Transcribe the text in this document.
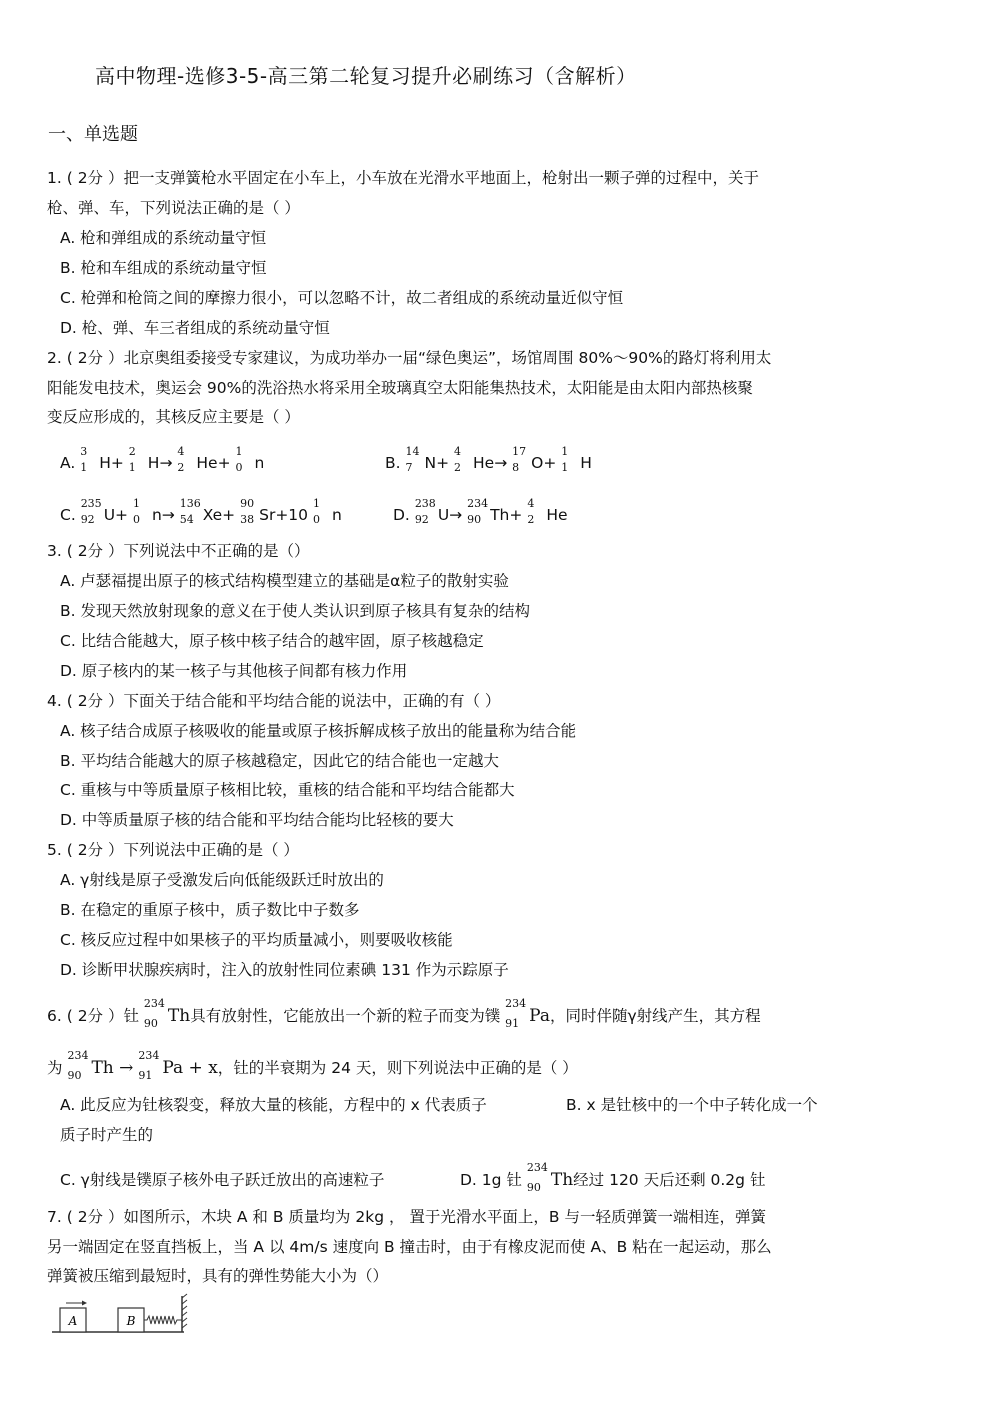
高中物理-选修3-5-高三第二轮复习提升必刷练习（含解析）
一、单选题
1. ( 2分 ）把一支弹簧枪水平固定在小车上，小车放在光滑水平地面上，枪射出一颗子弹的过程中，关于
枪、弹、车，下列说法正确的是（ ）
A. 枪和弹组成的系统动量守恒
B. 枪和车组成的系统动量守恒
C. 枪弹和枪筒之间的摩擦力很小，可以忽略不计，故二者组成的系统动量近似守恒
D. 枪、弹、车三者组成的系统动量守恒
2. ( 2分 ）北京奥组委接受专家建议，为成功举办一届“绿色奥运”，场馆周围 80%～90%的路灯将利用太
阳能发电技术，奥运会 90%的洗浴热水将采用全玻璃真空太阳能集热技术，太阳能是由太阳内部热核聚
变反应形成的，其核反应主要是（ ）
A.
3
1 H+
2
1 H→
4
2 He+
1
0 n	B.
14
7 N+
4
2 He→
17
8 O+
1
1 H
C.
235
92 U+
1
0 n→
136
54 Xe+
90
38 Sr+10
1
0 n	D.
238
92 U→
234
90 Th+
4
2 He
3. ( 2分 ）下列说法中不正确的是（）
A. 卢瑟福提出原子的核式结构模型建立的基础是α粒子的散射实验
B. 发现天然放射现象的意义在于使人类认识到原子核具有复杂的结构
C. 比结合能越大，原子核中核子结合的越牢固，原子核越稳定
D. 原子核内的某一核子与其他核子间都有核力作用
4. ( 2分 ）下面关于结合能和平均结合能的说法中，正确的有（ ）
A. 核子结合成原子核吸收的能量或原子核拆解成核子放出的能量称为结合能
B. 平均结合能越大的原子核越稳定，因此它的结合能也一定越大
C. 重核与中等质量原子核相比较，重核的结合能和平均结合能都大
D. 中等质量原子核的结合能和平均结合能均比轻核的要大
5. ( 2分 ）下列说法中正确的是（ ）
A. γ射线是原子受激发后向低能级跃迁时放出的
B. 在稳定的重原子核中，质子数比中子数多
C. 核反应过程中如果核子的平均质量减小，则要吸收核能
D. 诊断甲状腺疾病时，注入的放射性同位素碘 131 作为示踪原子
6. ( 2分 ）钍
234
90 Th具有放射性，它能放出一个新的粒子而变为镤
234
91 Pa，同时伴随γ射线产生，其方程
为
234
90 Th →
234
91 Pa + x，钍的半衰期为 24 天，则下列说法中正确的是（ ）
A. 此反应为钍核裂变，释放大量的核能，方程中的 x 代表质子	B. x 是钍核中的一个中子转化成一个
质子时产生的
C. γ射线是镤原子核外电子跃迁放出的高速粒子	D. 1g 钍
234
90 Th经过 120 天后还剩 0.2g 钍
7. ( 2分 ）如图所示，木块 A 和 B 质量均为 2kg ， 置于光滑水平面上，B 与一轻质弹簧一端相连，弹簧
另一端固定在竖直挡板上，当 A 以 4m/s 速度向 B 撞击时，由于有橡皮泥而使 A、B 粘在一起运动，那么
弹簧被压缩到最短时，具有的弹性势能大小为（）
A	B
